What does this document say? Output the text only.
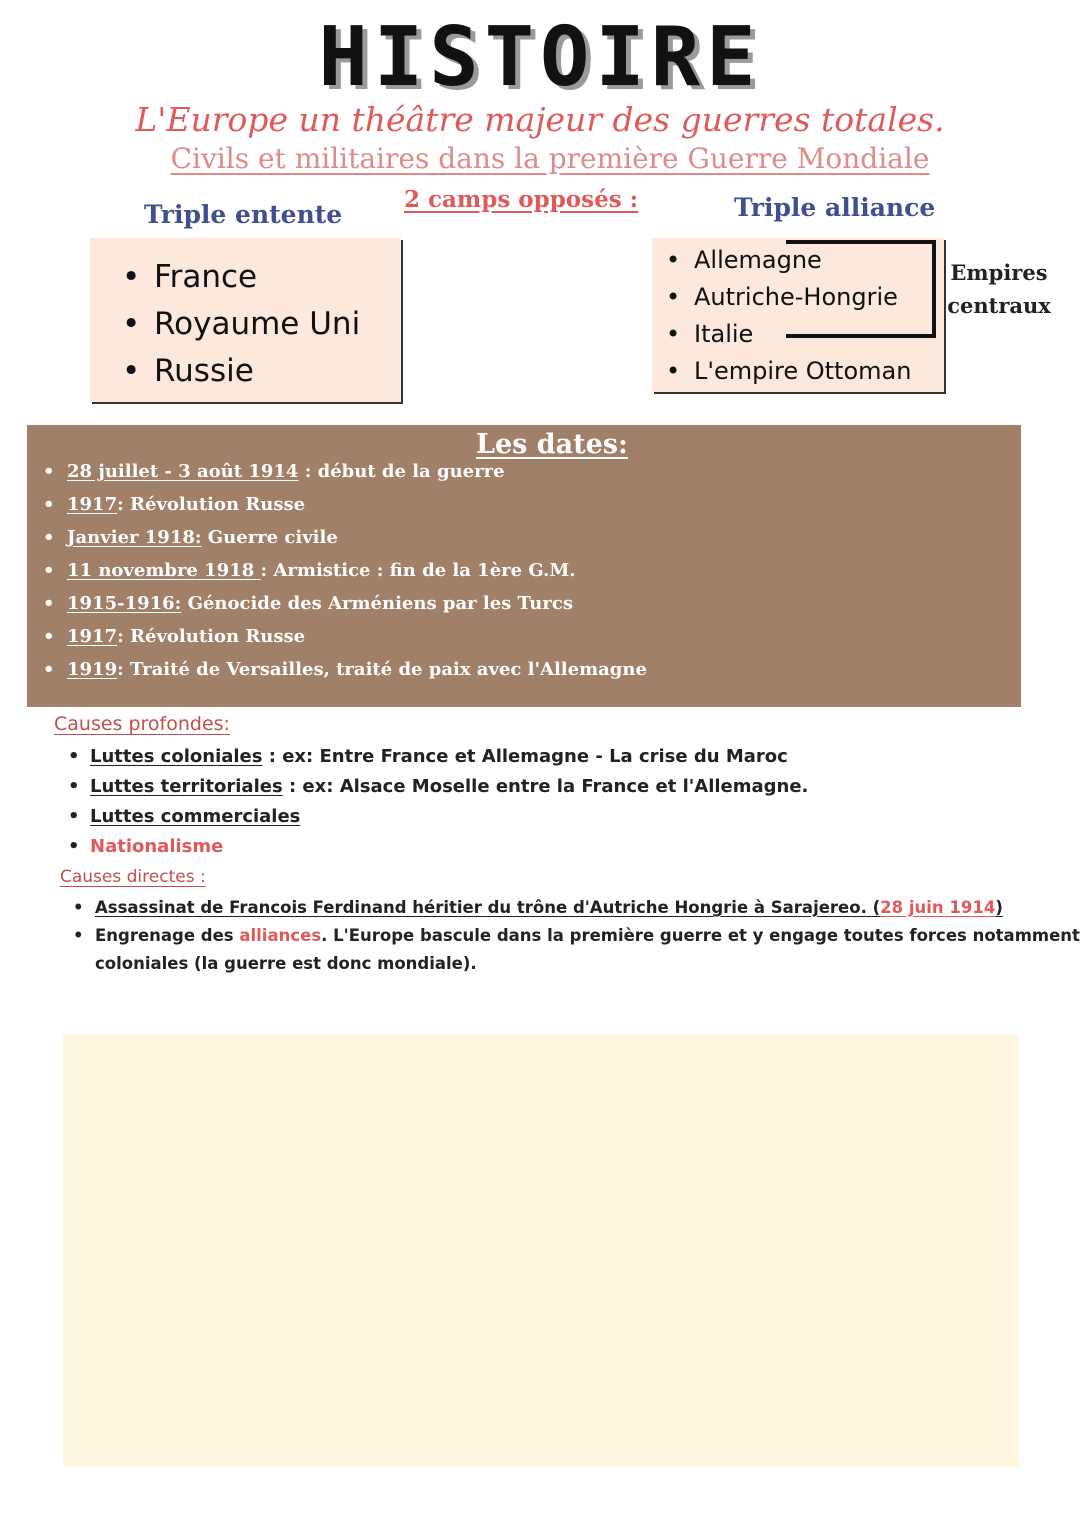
HISTOIRE
L'Europe un théâtre majeur des guerres totales.
Civils et militaires dans la première Guerre Mondiale
Triple entente
2 camps opposés :	Triple alliance
• France
• Royaume Uni
• Russie
• Allemagne
• Autriche-Hongrie
• Italie
• L'empire Ottoman
Empires
centraux
Les dates:
• 28 juillet - 3 août 1914 : début de la guerre
• 1917: Révolution Russe
• Janvier 1918: Guerre civile
• 11 novembre 1918 : Armistice : fin de la 1ère G.M.
• 1915-1916: Génocide des Arméniens par les Turcs
• 1917: Révolution Russe
• 1919: Traité de Versailles, traité de paix avec l'Allemagne
Causes profondes:
• Luttes coloniales : ex: Entre France et Allemagne - La crise du Maroc
• Luttes territoriales : ex: Alsace Moselle entre la France et l'Allemagne.
• Luttes commerciales
• Nationalisme
Causes directes :
• Assassinat de Francois Ferdinand héritier du trône d'Autriche Hongrie à Sarajereo. (28 juin 1914)
• Engrenage des alliances. L'Europe bascule dans la première guerre et y engage toutes forces notamment
coloniales (la guerre est donc mondiale).
